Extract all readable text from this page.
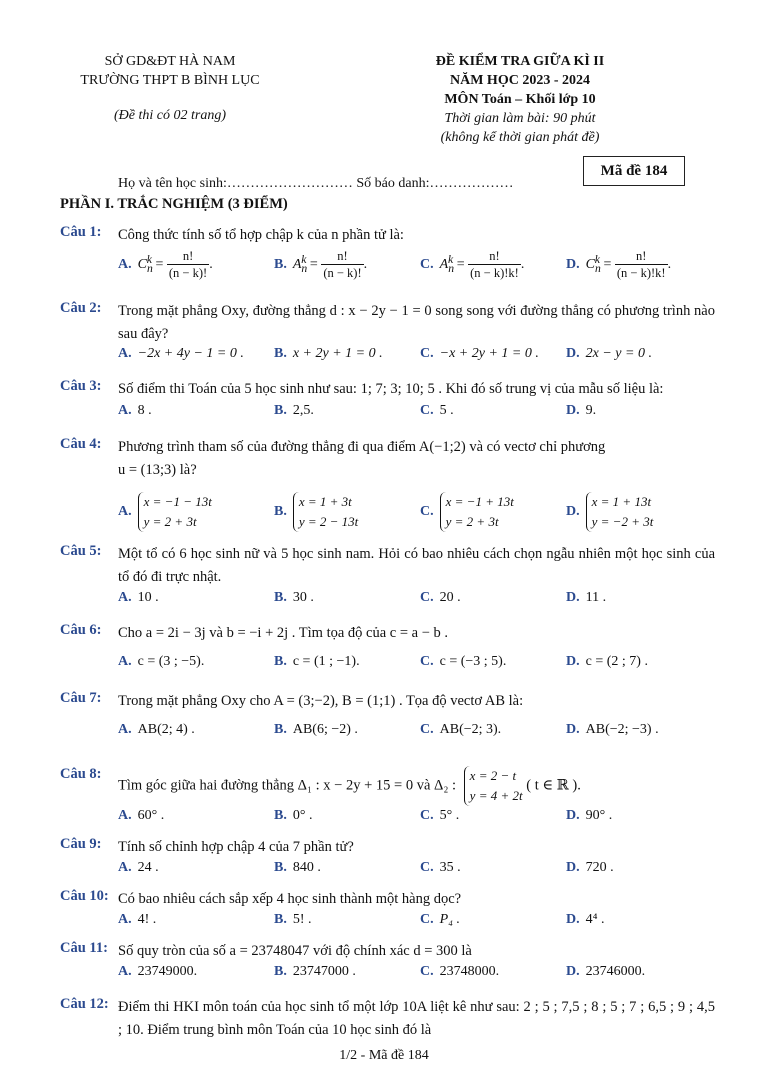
SỞ GD&ĐT HÀ NAM
TRƯỜNG THPT B BÌNH LỤC
(Đề thi có 02 trang)
ĐỀ KIỂM TRA GIỮA KÌ II
NĂM HỌC 2023 - 2024
MÔN Toán – Khối lớp 10
Thời gian làm bài: 90 phút
(không kể thời gian phát đề)
Mã đề 184
Họ và tên học sinh:……………………… Số báo danh:………………
PHẦN I. TRẮC NGHIỆM (3 ĐIỂM)
Câu 1: Công thức tính số tổ hợp chập k của n phần tử là:
A. $C_n^k = \frac{n!}{(n - k)!}$ .	B. $A_n^k = \frac{n!}{(n - k)!}$ .	C. $A_n^k = \frac{n!}{(n - k)!k!}$ .	D. $C_n^k = \frac{n!}{(n - k)!k!}$ .
Câu 2: Trong mặt phẳng Oxy, đường thẳng d : x − 2y − 1 = 0 song song với đường thẳng có phương trình nào sau đây?
A. −2x + 4y − 1 = 0 . B. x + 2y + 1 = 0 .	C. −x + 2y + 1 = 0 . D. 2x − y = 0 .
Câu 3: Số điểm thi Toán của 5 học sinh như sau: 1; 7; 3; 10; 5 . Khi đó số trung vị của mẫu số liệu là:
A. 8 .	B. 2,5.	C. 5 .	D. 9.
Câu 4: Phương trình tham số của đường thẳng đi qua điểm A(−1;2) và có vectơ chỉ phương
u = (13;3) là?
A.
x = −1 − 13t
y = 2 + 3t
B.
x = 1 + 3t
y = 2 − 13t
C.
x = −1 + 13t
y = 2 + 3t
D.
x = 1 + 13t
y = −2 + 3t
Câu 5: Một tổ có 6 học sinh nữ và 5 học sinh nam. Hỏi có bao nhiêu cách chọn ngẫu nhiên một học sinh của tổ đó đi trực nhật.
A. 10 .	B. 30 .	C. 20 .	D. 11 .
Câu 6: Cho a = 2i − 3j và b = −i + 2j . Tìm tọa độ của c = a − b .
A. c = (3 ; −5).	B. c = (1 ; −1).	C. c = (−3 ; 5).	D. c = (2 ; 7) .
Câu 7: Trong mặt phẳng Oxy cho A = (3;−2), B = (1;1) . Tọa độ vectơ AB là:
A. AB(2; 4) .	B. AB(6; −2) .	C. AB(−2; 3).	D. AB(−2; −3) .
Câu 8:
Tìm góc giữa hai đường thẳng Δ₁ : x − 2y + 15 = 0 và Δ₂ :
x = 2 − t
y = 4 + 2t
( t ∈ ℝ ).
A. 60° .	B. 0° .	C. 5° .	D. 90° .
Câu 9: Tính số chỉnh hợp chập 4 của 7 phần tử?
A. 24 .	B. 840 .	C. 35 .	D. 720 .
Câu 10: Có bao nhiêu cách sắp xếp 4 học sinh thành một hàng dọc?
A. 4! .	B. 5! .	C. P₄ .	D. 4⁴ .
Câu 11: Số quy tròn của số a = 23748047 với độ chính xác d = 300 là
A. 23749000.	B. 23747000 .	C. 23748000.	D. 23746000.
Câu 12: Điểm thi HKI môn toán của học sinh tổ một lớp 10A liệt kê như sau: 2 ; 5 ; 7,5 ; 8 ; 5 ; 7 ; 6,5 ; 9 ; 4,5 ; 10. Điểm trung bình môn Toán của 10 học sinh đó là
1/2 - Mã đề 184
